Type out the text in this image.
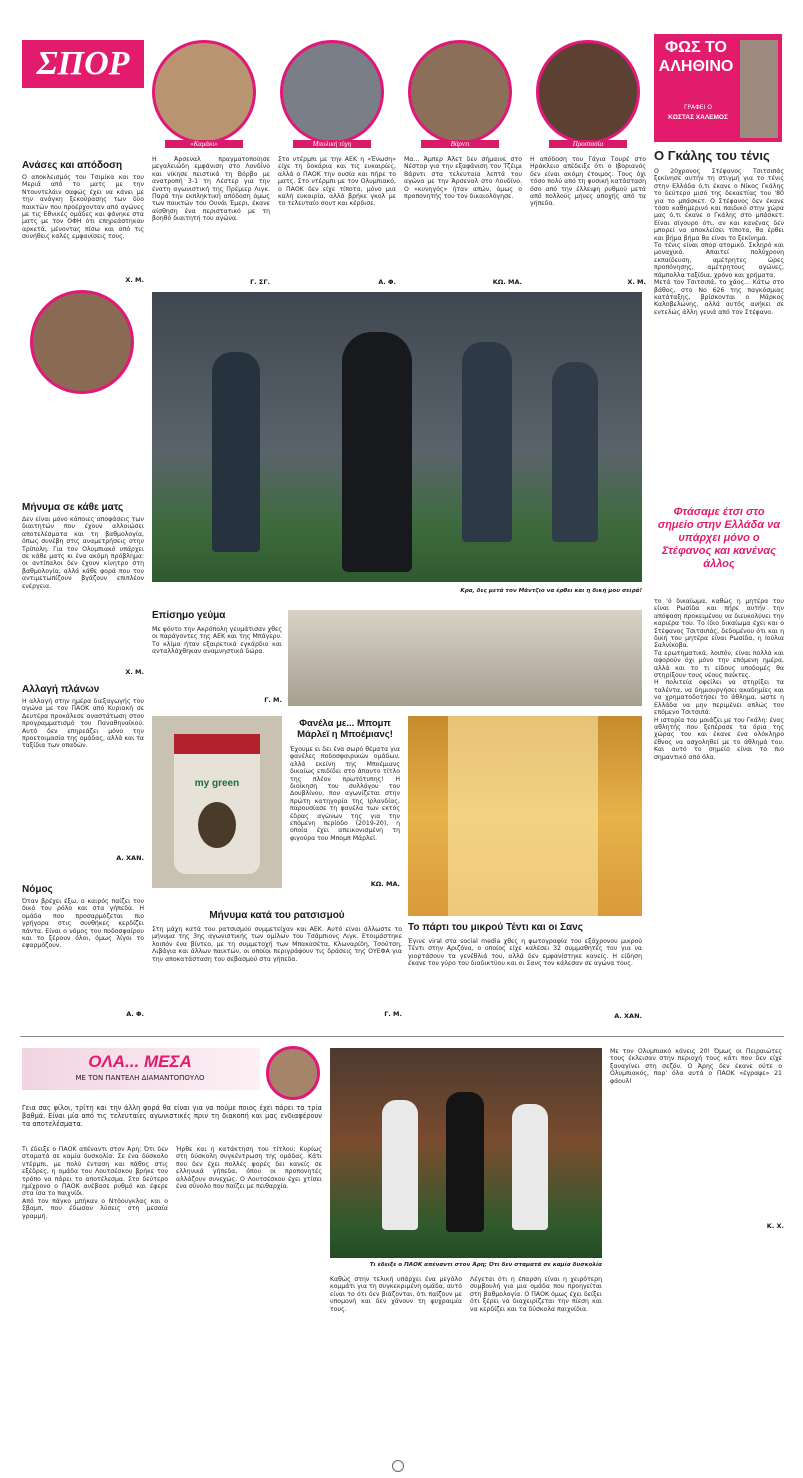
ΣΠΟΡ
«Καμάκι»	Μπολική τύχη	Βάρντι	Προστασία
ΦΩΣ ΤΟ ΑΛΗΘΙΝΟ
ΓΡΑΦΕΙ Ο
ΚΩΣΤΑΣ ΧΑΛΕΜΟΣ
Ο Γκάλης του τένις
Ο 20χρονος Στέφανος Τσιτσιπάς ξεκίνησε αυτήν τη στιγμή για το τένις στην Ελλάδα ό,τι έκανε ο Νίκος Γκάλης το δεύτερο μισό της δεκαετίας του '80 για το μπάσκετ. Ο Στέφανος δεν έκανε τόσο καθημερινό και παιδικό στην χώρα μας ό,τι έκανε ο Γκάλης στο μπάσκετ. Είναι σίγουρο ότι, αν και κανένας δεν μπορεί να αποκλείσει τίποτα, θα έρθει και βήμα βήμα θα είναι το ξεκίνημα.
Το τένις είναι σπορ ατομικό. Σκληρό και μοναχικό. Απαιτεί πολύχρονη εκπαίδευση, αμέτρητες ώρες προπόνησης, αμέτρητους αγώνες, πάμπολλα ταξίδια, χρόνο και χρήματα.
Μετά τον Τσιτσιπά, το χάος... Κάτω στο βάθος, στο Νο 626 της παγκόσμιας κατάταξης, βρίσκονται ο Μάρκος Καλοβελώνης, αλλά αυτός ανήκει σε εντελώς άλλη γενιά από τον Στέφανο.
Φτάσαμε έτσι στο σημείο στην Ελλάδα να υπάρχει μόνο ο Στέφανος και κανένας άλλος
το 'ό δικαίωμα, καθώς η μητέρα του είναι Ρωσίδα και πήρε αυτήν την απόφαση προκειμένου να διευκολύνει την καριέρα του. Το ίδιο δικαίωμα έχει και ο Στέφανος Τσιτσιπάς, δεδομένου ότι και η δική του μητέρα είναι Ρωσίδα, η Ιούλια Σαλνίκοβα.
Τα ερωτηματικά, λοιπόν, είναι πολλά και αφορούν όχι μόνο την επόμενη ημέρα, αλλά και το τι είδους υποδομές θα στηρίξουν τους νέους παίκτες.
Η πολιτεία οφείλει να στηρίξει τα ταλέντα, να δημιουργήσει ακαδημίες και να χρηματοδοτήσει το άθλημα, ώστε η Ελλάδα να μην περιμένει απλώς τον επόμενο Τσιτσιπά.
Η ιστορία του μοιάζει με του Γκάλη: ένας αθλητής που ξεπέρασε τα όρια της χώρας του και έκανε ένα ολόκληρο έθνος να ασχοληθεί με το άθλημά του. Και αυτό το σημείο είναι το πιο σημαντικό από όλα.
Κ. Χ.
Ανάσες και απόδοση
Ο αποκλεισμός του Τσιμίκα και του Μεριά από το ματς με την Ντουντελάιν σαφώς έχει να κάνει με την ανάγκη ξεκούρασης των δύο παικτών που προέρχονταν από αγώνες με τις Εθνικές ομάδες και φάνηκε στα ματς με τον ΟΦΗ ότι επηρεάστηκαν αρκετά, μένοντας πίσω και από τις συνήθεις καλές εμφανίσεις τους.
Χ. Μ.
Μήνυμα σε κάθε ματς
Δεν είναι μόνο κάποιες αποφάσεις των διαιτητών που έχουν αλλοιώσει αποτελέσματα και τη βαθμολογία, όπως συνέβη στις αναμετρήσεις στην Τρίπολη. Για τον Ολυμπιακό υπάρχει σε κάθε ματς κι ένα ακόμη πρόβλημα: οι αντίπαλοι δεν έχουν κίνητρο στη βαθμολογία, αλλά κάθε φορά που τον αντιμετωπίζουν βγάζουν επιπλέον ενέργεια.
Χ. Μ.
Αλλαγή πλάνων
Η αλλαγή στην ημέρα διεξαγωγής του αγώνα με τον ΠΑΟΚ από Κυριακή σε Δευτέρα προκάλεσε αναστάτωση στον προγραμματισμό του Παναθηναϊκού. Αυτό δεν επηρεάζει μόνο την προετοιμασία της ομάδας, αλλά και τα ταξίδια των οπαδών.
Α. ΧΑΝ.
Νόμος
Όταν βρέχει έξω, ο καιρός παίζει τον δικό του ρόλο και στα γήπεδα. Η ομάδα που προσαρμόζεται πιο γρήγορα στις συνθήκες κερδίζει πάντα. Είναι ο νόμος του ποδοσφαίρου και το ξέρουν όλοι, όμως λίγοι το εφαρμόζουν.
Α. Φ.
Η Άρσεναλ πραγματοποίησε μεγαλειώδη εμφάνιση στο Λονδίνο και νίκησε πειστικά τη Βόρβο με ανατροπή 3-1 τη Λέστερ για την ένατη αγωνιστική της Πρέμιερ Λιγκ. Παρά την εκπληκτική απόδοση όμως των παικτών του Ουνάι Έμερι, έκανε αίσθηση ένα περιστατικό με τη βοηθό διαιτητή του αγώνα.
Γ. ΣΓ.
Στο ντέρμπι με την ΑΕΚ η «Ένωση» είχε τη δοκάρια και τις ευκαιρίες, αλλά ο ΠΑΟΚ την ουσία και πήρε το ματς. Στο ντέρμπι με τον Ολυμπιακό, ο ΠΑΟΚ δεν είχε τίποτα, μόνο μια καλή ευκαιρία, αλλά βρήκε γκολ με το τελευταίο σουτ και κέρδισε.
Α. Φ.
Μα... Άμπερ Άλετ δεν σήμαινε στο Νέστορ για την εξαφάνιση του Τζέιμι Βάρντι στα τελευταία λεπτά του αγώνα με την Άρσεναλ στο Λονδίνο. Ο «κυνηγός» ήταν απών, όμως ο προπονητής του τον δικαιολόγησε.
ΚΩ. ΜΑ.
Η απόδοση του Γάγια Τουρέ στο Ηράκλειο απέδειξε ότι ο Ιβοριανός δεν είναι ακόμη έτοιμος. Τους όχι τόσο πολύ από τη φυσική κατάσταση όσο από την έλλειψη ρυθμού μετά από πολλούς μήνες αποχής από τα γήπεδα.
Χ. Μ.
Κρα, δες μετά τον Μάντζιο να έρθει και η δική μου σειρά!
Επίσημο γεύμα
Με φόντο την Ακρόπολη γευμάτισαν χθες οι παράγοντες της ΑΕΚ και της Μπάγερν. Το κλίμα ήταν εξαιρετικά εγκάρδιο και ανταλλάχθηκαν αναμνηστικά δώρα.
Γ. Μ.
my green
Φανέλα με... Μπομπ Μάρλεϊ η Μποέμιανς!
Έχουμε ει δει ένα σωρό θέματα για φανέλες ποδοσφαιρικών ομάδων, αλλά εκείνη της Μποέμιανς δικαίως επιδίδει στο άπαντο τίτλο της πλέον πρωτότυπης! Η διοίκηση του συλλόγου του Δουβλίνου, που αγωνίζεται στην πρώτη κατηγορία της Ιρλανδίας, παρουσίασε τη φανέλα των εκτός έδρας αγώνων της για την επόμενη περίοδο (2019-20), η οποία έχει απεικονισμένη τη φιγούρα του Μπομπ Μάρλεϊ.
ΚΩ. ΜΑ.
Μήνυμα κατά του ρατσισμού
Στη μάχη κατά του ρατσισμού συμμετείχαν και ΑΕΚ. Αυτό είναι άλλωστε το μήνυμα της 3ης αγωνιστικής των ομίλων του Τσάμπιονς Λιγκ. Ετοιμάστηκε λοιπόν ένα βίντεο, με τη συμμετοχή των Μπακασέτα, Κλωναρίδη, Τσούτση, Λιβάγια και άλλων παικτών, οι οποίοι περιγράφουν τις δράσεις της ΟΥΕΦΑ για την αποκατάσταση του σεβασμού στα γήπεδα.
Γ. Μ.
Το πάρτι του μικρού Τέντι και οι Σανς
Έγινε viral στα social media χθες η φωτογραφία του εξάχρονου μικρού Τέντι στην Αριζόνα, ο οποίος είχε καλέσει 32 συμμαθητές του για να γιορτάσουν τα γενέθλιά του, αλλά δεν εμφανίστηκε κανείς. Η είδηση έκανε τον γύρο του διαδικτύου και οι Σανς τον κάλεσαν σε αγώνα τους.
Α. ΧΑΝ.
ΟΛΑ... ΜΕΣΑ
ΜΕ ΤΟΝ ΠΑΝΤΕΛΗ ΔΙΑΜΑΝΤΟΠΟΥΛΟ
Γεια σας φίλοι, τρίτη και την άλλη φορά θα είναι για να πούμε ποιος έχει πάρει τα τρία βαθμά. Είναι μία από τις τελευταίες αγωνιστικές πριν τη διακοπή και μας ενδιαφέρουν τα αποτελέσματα.
Τι έδειξε ο ΠΑΟΚ απέναντι στον Άρη; Ότι δεν σταματά σε καμία δυσκολία
Τι έδειξε ο ΠΑΟΚ απέναντι στον Άρη; Ότι δεν σταματά σε καμία δυσκολία. Σε ένα δύσκολο ντέρμπι, με πολύ ένταση και πάθος στις εξέδρες, η ομάδα του Λουτσέσκου βρήκε τον τρόπο να πάρει το αποτέλεσμα. Στο δεύτερο ημίχρονο ο ΠΑΟΚ ανέβασε ρυθμό και έφερε στα ίσα το παιχνίδι.
Από τον πάγκο μπήκαν ο Ντόουγκλας και ο Σβαμπ, που έδωσαν λύσεις στη μεσαία γραμμή.
Ήρθε και η κατάκτηση του τίτλου; Κυρίως στη δύσκολη συγκέντρωση της ομάδας. Κάτι που δεν έχει πολλές φορές δει κανείς σε ελληνικά γήπεδα, όπου οι προπονητές αλλάζουν συνεχώς. Ο Λουτσέσκου έχει χτίσει ένα σύνολο που παίζει με πειθαρχία.
Καθώς στην τελική υπάρχει ένα μεγάλο κομμάτι για τη συγκεκριμένη ομάδα, αυτό είναι το ότι δεν βιάζονται, ότι παίζουν με υπομονή και δεν χάνουν τη ψυχραιμία τους.
Λέγεται ότι η έπαρση είναι η χειρότερη συμβουλή για μια ομάδα που προηγείται στη βαθμολογία. Ο ΠΑΟΚ όμως έχει δείξει ότι ξέρει να διαχειρίζεται την πίεση και να κερδίζει και τα δύσκολα παιχνίδια.
Με τον Ολυμπιακό κάνεις 20! Όμως οι Πειραιώτες τους έκλεισαν στην περιοχή τους κάτι που δεν είχε ξαναγίνει στη σεζόν. Ο Άρης δεν έκανε ούτε ο Ολυμπιακός, παρ' όλα αυτά ο ΠΑΟΚ «έγραψε» 21 φάουλ!
